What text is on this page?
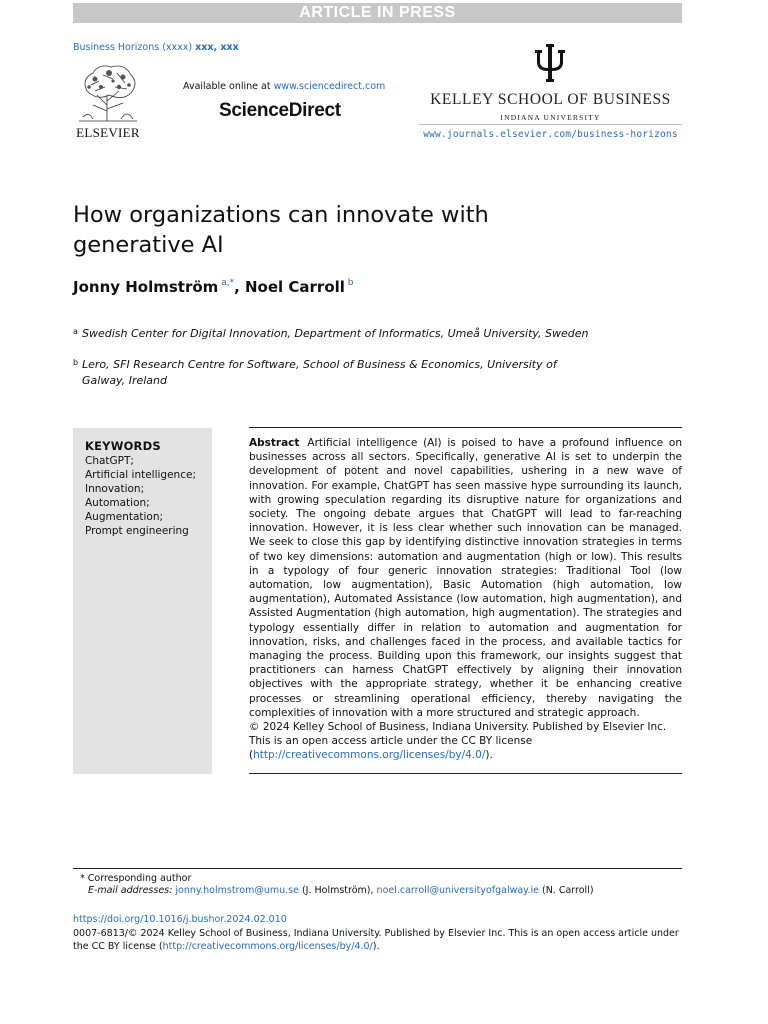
ARTICLE IN PRESS
Business Horizons (xxxx) xxx, xxx
ELSEVIER
Available online at www.sciencedirect.com
ScienceDirect
KELLEY SCHOOL OF BUSINESS
INDIANA UNIVERSITY
www.journals.elsevier.com/business-horizons
How organizations can innovate with generative AI
Jonny Holmström $^{a,*}$, Noel Carroll $^b$
a Swedish Center for Digital Innovation, Department of Informatics, Umeå University, Sweden
b Lero, SFI Research Centre for Software, School of Business & Economics, University of Galway, Ireland
KEYWORDS
ChatGPT;
Artificial intelligence;
Innovation;
Automation;
Augmentation;
Prompt engineering
Abstract Artificial intelligence (AI) is poised to have a profound influence on businesses across all sectors. Specifically, generative AI is set to underpin the development of potent and novel capabilities, ushering in a new wave of innovation. For example, ChatGPT has seen massive hype surrounding its launch, with growing speculation regarding its disruptive nature for organizations and society. The ongoing debate argues that ChatGPT will lead to far-reaching innovation. However, it is less clear whether such innovation can be managed. We seek to close this gap by identifying distinctive innovation strategies in terms of two key dimensions: automation and augmentation (high or low). This results in a typology of four generic innovation strategies: Traditional Tool (low automation, low augmentation), Basic Automation (high automation, low augmentation), Automated Assistance (low automation, high augmentation), and Assisted Augmentation (high automation, high augmentation). The strategies and typology essentially differ in relation to automation and augmentation for innovation, risks, and challenges faced in the process, and available tactics for managing the process. Building upon this framework, our insights suggest that practitioners can harness ChatGPT effectively by aligning their innovation objectives with the appropriate strategy, whether it be enhancing creative processes or streamlining operational efficiency, thereby navigating the complexities of innovation with a more structured and strategic approach.
© 2024 Kelley School of Business, Indiana University. Published by Elsevier Inc. This is an open access article under the CC BY license (http://creativecommons.org/licenses/by/4.0/).
* Corresponding author
E-mail addresses: jonny.holmstrom@umu.se (J. Holmström), noel.carroll@universityofgalway.ie (N. Carroll)
https://doi.org/10.1016/j.bushor.2024.02.010
0007-6813/© 2024 Kelley School of Business, Indiana University. Published by Elsevier Inc. This is an open access article under the CC BY license (http://creativecommons.org/licenses/by/4.0/).
